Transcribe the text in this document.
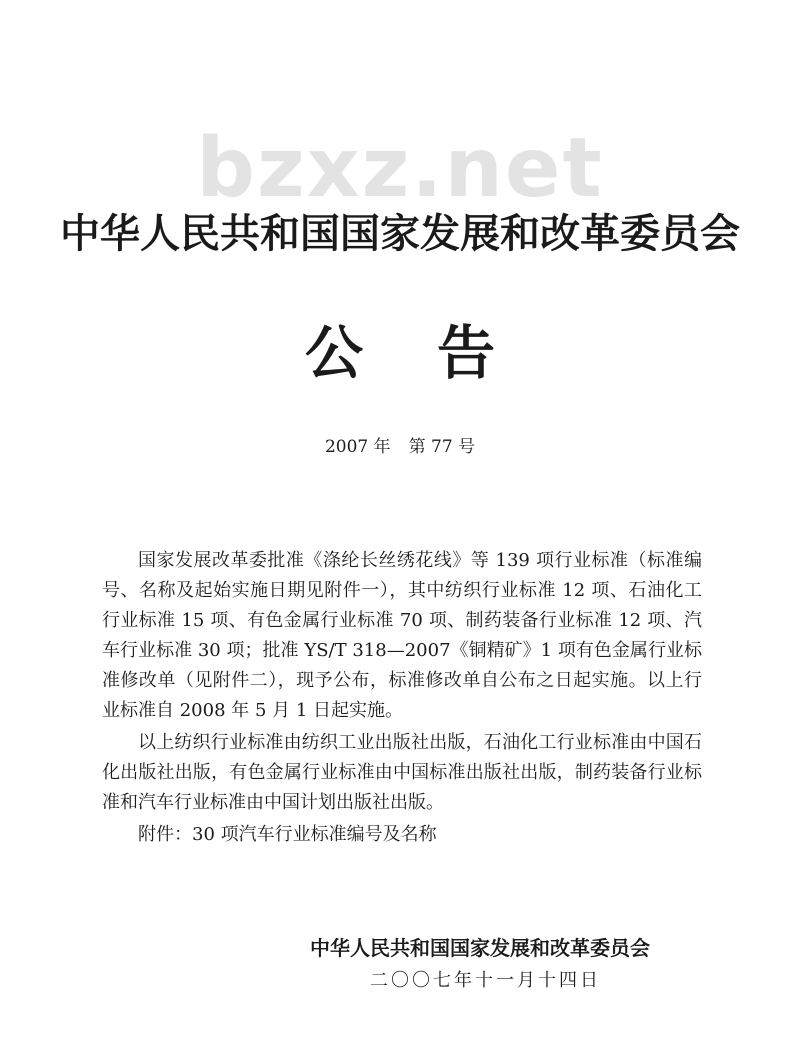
bzxz.net
中华人民共和国国家发展和改革委员会
公告
2007 年 第 77 号

国家发展改革委批准《涤纶长丝绣花线》等 139 项行业标准（标准编号、名称及起始实施日期见附件一），其中纺织行业标准 12 项、石油化工行业标准 15 项、有色金属行业标准 70 项、制药装备行业标准 12 项、汽车行业标准 30 项；批准 YS/T 318—2007《铜精矿》1 项有色金属行业标准修改单（见附件二），现予公布，标准修改单自公布之日起实施。以上行业标准自 2008 年 5 月 1 日起实施。

以上纺织行业标准由纺织工业出版社出版，石油化工行业标准由中国石化出版社出版，有色金属行业标准由中国标准出版社出版，制药装备行业标准和汽车行业标准由中国计划出版社出版。

附件：30 项汽车行业标准编号及名称

中华人民共和国国家发展和改革委员会
二〇〇七年十一月十四日
